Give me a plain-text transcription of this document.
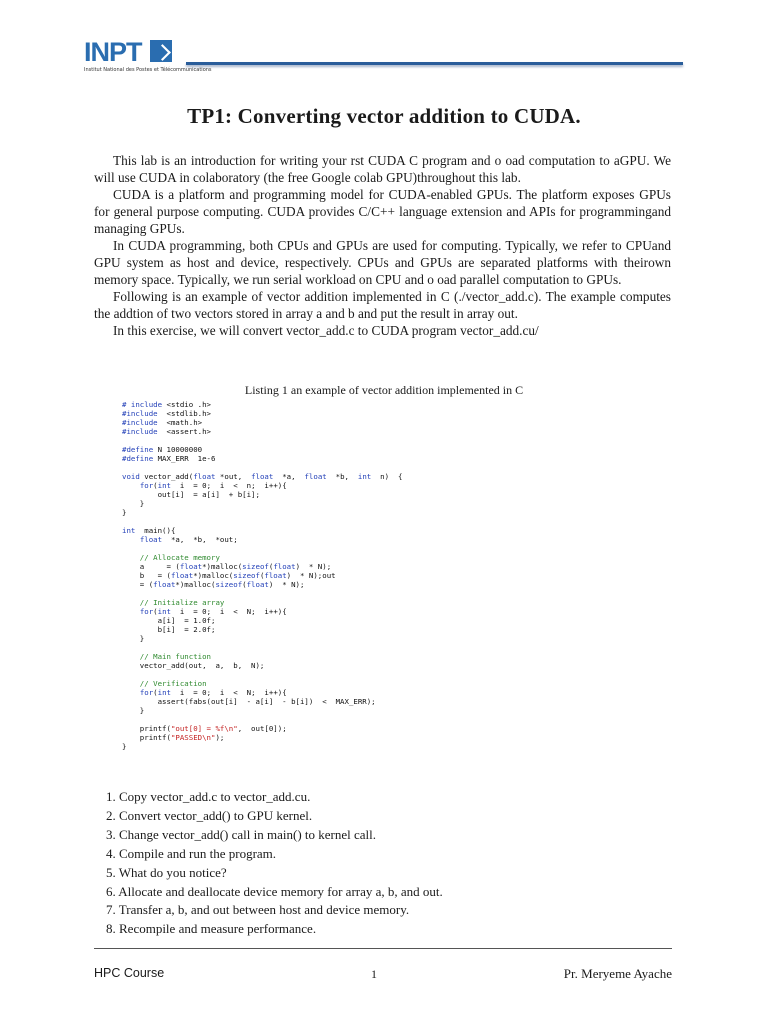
INPT
Institut National des Postes et Télécommunications
TP1: Converting vector addition to CUDA.

This lab is an introduction for writing your rst CUDA C program and o oad computation to aGPU. We will use CUDA in colaboratory (the free Google colab GPU)throughout this lab.

CUDA is a platform and programming model for CUDA-enabled GPUs. The platform exposes GPUs for general purpose computing. CUDA provides C/C++ language extension and APIs for programmingand managing GPUs.

In CUDA programming, both CPUs and GPUs are used for computing. Typically, we refer to CPUand GPU system as host and device, respectively. CPUs and GPUs are separated platforms with theirown memory space. Typically, we run serial workload on CPU and o oad parallel computation to GPUs.

Following is an example of vector addition implemented in C (./vector_add.c). The example computes the addtion of two vectors stored in array a and b and put the result in array out.

In this exercise, we will convert vector_add.c to CUDA program vector_add.cu/

Listing 1 an example of vector addition implemented in C
# include <stdio .h>
#include  <stdlib.h>
#include  <math.h>
#include  <assert.h>
#define N 10000000
#define MAX_ERR  1e-6
void vector_add(float *out,  float  *a,  float  *b,  int  n)  {
for(int  i  = 0;  i  <  n;  i++){
out[i]  = a[i]  + b[i];
}
}
int  main(){
float  *a,  *b,  *out;
// Allocate memory
a     = (float*)malloc(sizeof(float)  * N);
b   = (float*)malloc(sizeof(float)  * N);out
= (float*)malloc(sizeof(float)  * N);
// Initialize array
for(int  i  = 0;  i  <  N;  i++){
a[i]  = 1.0f;
b[i]  = 2.0f;
}
// Main function
vector_add(out,  a,  b,  N);
// Verification
for(int  i  = 0;  i  <  N;  i++){
assert(fabs(out[i]  - a[i]  - b[i])  <  MAX_ERR);
}
printf("out[0] = %f\n",  out[0]);
printf("PASSED\n");
}
1. Copy vector_add.c to vector_add.cu.
2. Convert vector_add() to GPU kernel.
3. Change vector_add() call in main() to kernel call.
4. Compile and run the program.
5. What do you notice?
6. Allocate and deallocate device memory for array a, b, and out.
7. Transfer a, b, and out between host and device memory.
8. Recompile and measure performance.
HPC Course	1	Pr. Meryeme Ayache
